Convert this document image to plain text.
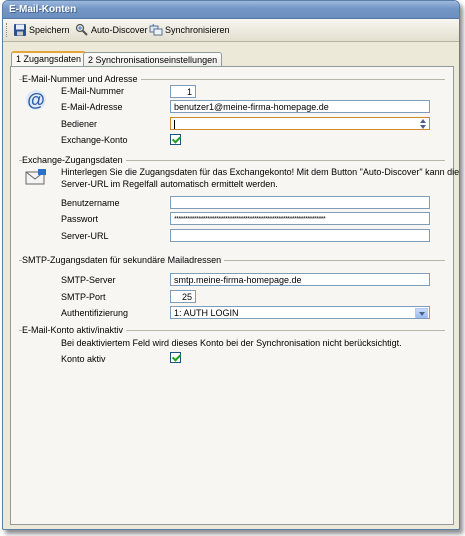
E-Mail-Konten
Speichern Auto-Discover Synchronisieren
1 Zugangsdaten 2 Synchronisationseinstellungen
E-Mail-Nummer und Adresse
@ E-Mail-Nummer	1
E-Mail-Adresse	benutzer1@meine-firma-homepage.de
Bediener
Exchange-Konto
Exchange-Zugangsdaten
Hinterlegen Sie die Zugangsdaten für das Exchangekonto! Mit dem Button "Auto-Discover" kann die
Server-URL im Regelfall automatisch ermittelt werden.
Benutzername
Passwort	********************************************************************
Server-URL
SMTP-Zugangsdaten für sekundäre Mailadressen
SMTP-Server	smtp.meine-firma-homepage.de
SMTP-Port	25
Authentifizierung	1: AUTH LOGIN
E-Mail-Konto aktiv/inaktiv
Bei deaktiviertem Feld wird dieses Konto bei der Synchronisation nicht berücksichtigt.
Konto aktiv
